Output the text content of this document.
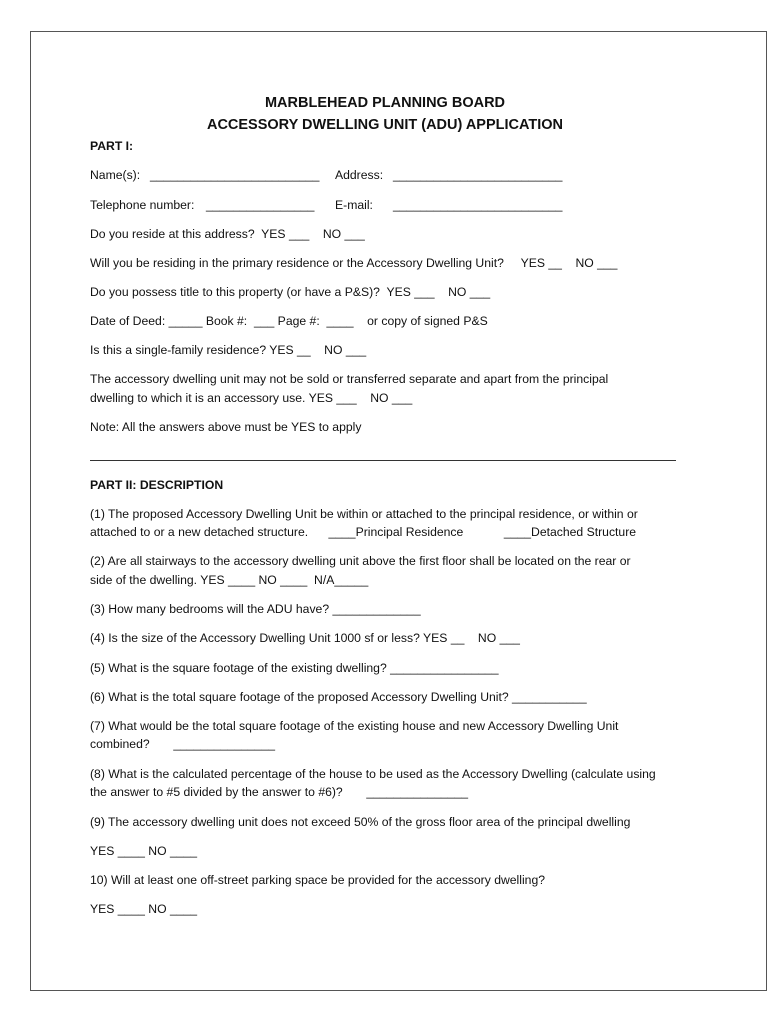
MARBLEHEAD PLANNING BOARD
ACCESSORY DWELLING UNIT (ADU) APPLICATION
PART I:
Name(s): _________________________ Address: _________________________
Telephone number: ________________ E-mail: _________________________
Do you reside at this address?  YES ___    NO ___
Will you be residing in the primary residence or the Accessory Dwelling Unit?     YES __    NO ___
Do you possess title to this property (or have a P&S)?  YES ___    NO ___
Date of Deed: _____ Book #:  ___ Page #:  ____    or copy of signed P&S
Is this a single-family residence? YES __    NO ___
The accessory dwelling unit may not be sold or transferred separate and apart from the principal
dwelling to which it is an accessory use. YES ___    NO ___
Note: All the answers above must be YES to apply
PART II: DESCRIPTION
(1) The proposed Accessory Dwelling Unit be within or attached to the principal residence, or within or
attached to or a new detached structure.      ____Principal Residence            ____Detached Structure
(2) Are all stairways to the accessory dwelling unit above the first floor shall be located on the rear or
side of the dwelling. YES ____ NO ____  N/A_____
(3) How many bedrooms will the ADU have? _____________
(4) Is the size of the Accessory Dwelling Unit 1000 sf or less? YES __    NO ___
(5) What is the square footage of the existing dwelling? ________________
(6) What is the total square footage of the proposed Accessory Dwelling Unit? ___________
(7) What would be the total square footage of the existing house and new Accessory Dwelling Unit
combined?       _______________
(8) What is the calculated percentage of the house to be used as the Accessory Dwelling (calculate using
the answer to #5 divided by the answer to #6)?       _______________
(9) The accessory dwelling unit does not exceed 50% of the gross floor area of the principal dwelling
YES ____ NO ____
10) Will at least one off-street parking space be provided for the accessory dwelling?
YES ____ NO ____
